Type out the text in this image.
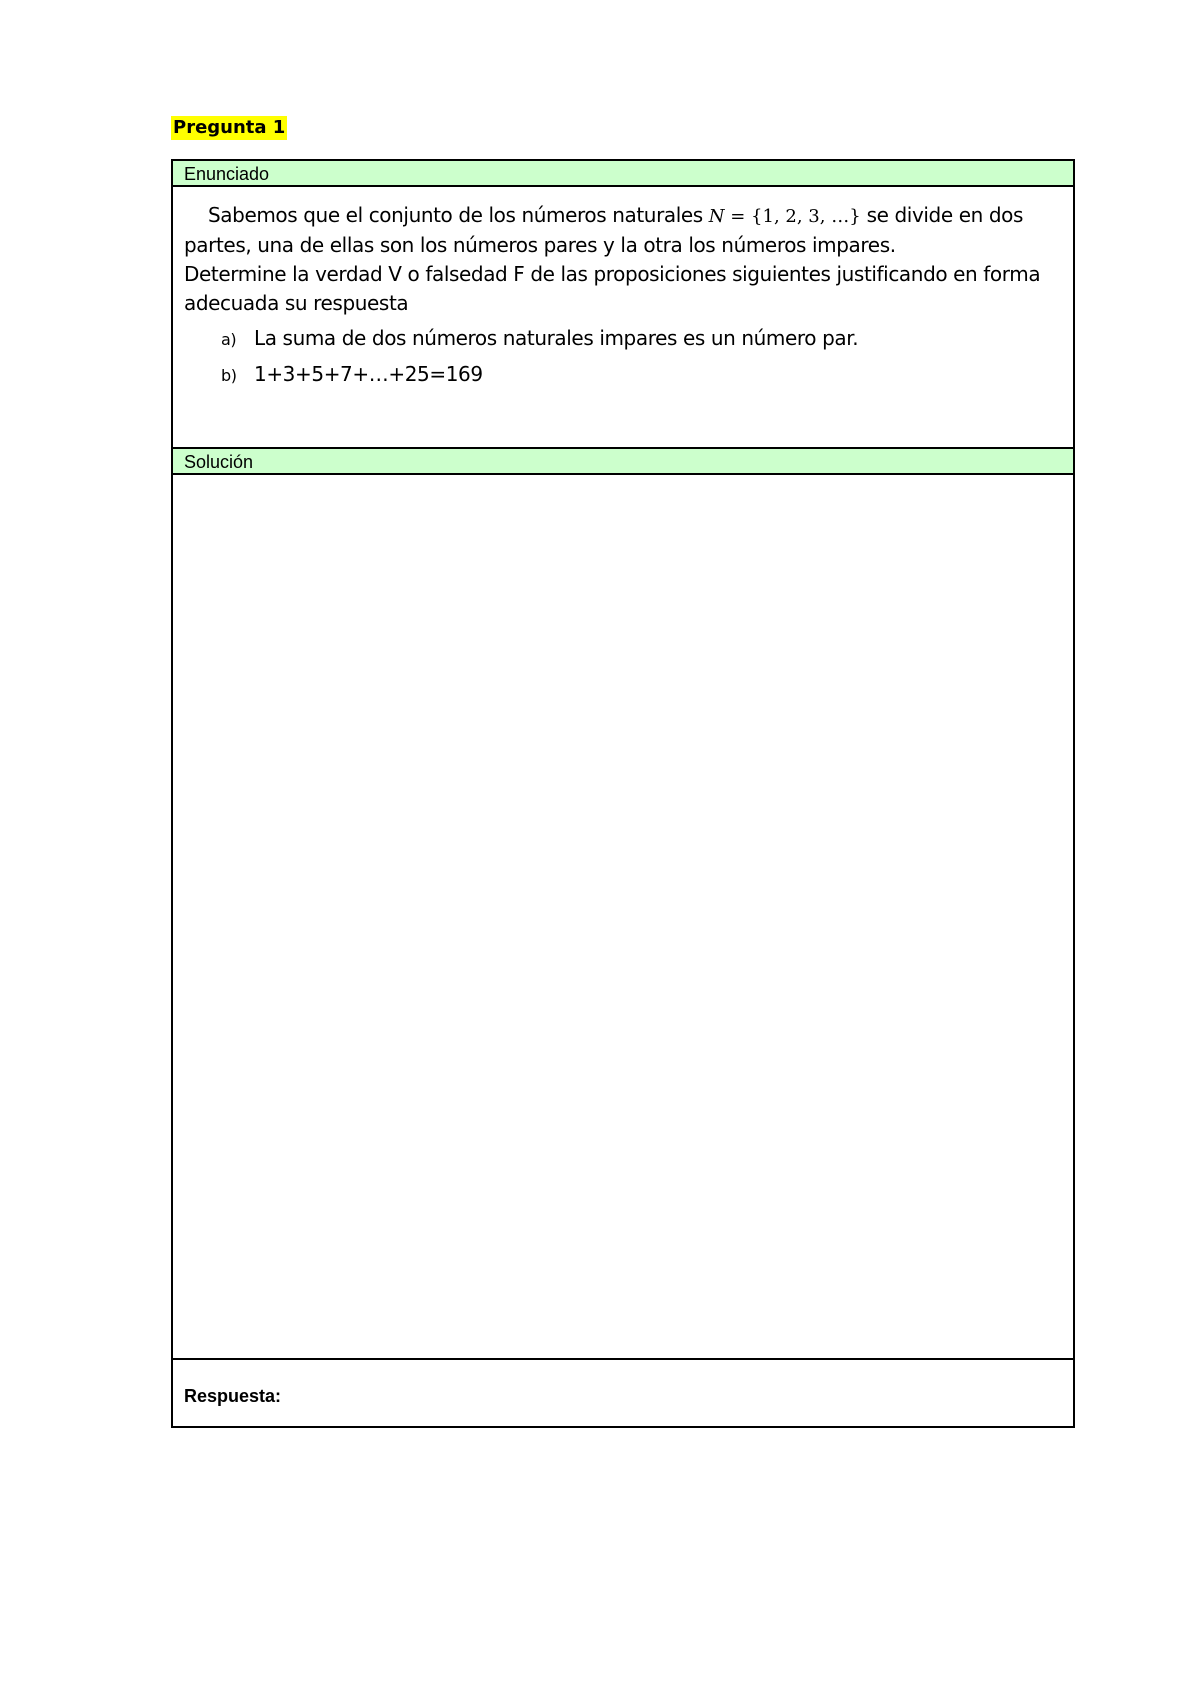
Pregunta 1
Enunciado

Sabemos que el conjunto de los números naturales N = {1, 2, 3, …} se divide en dos partes, una de ellas son los números pares y la otra los números impares.

Determine la verdad V o falsedad F de las proposiciones siguientes justificando en forma adecuada su respuesta

a) La suma de dos números naturales impares es un número par.
b) 1+3+5+7+…+25=169
Solución
Respuesta:
